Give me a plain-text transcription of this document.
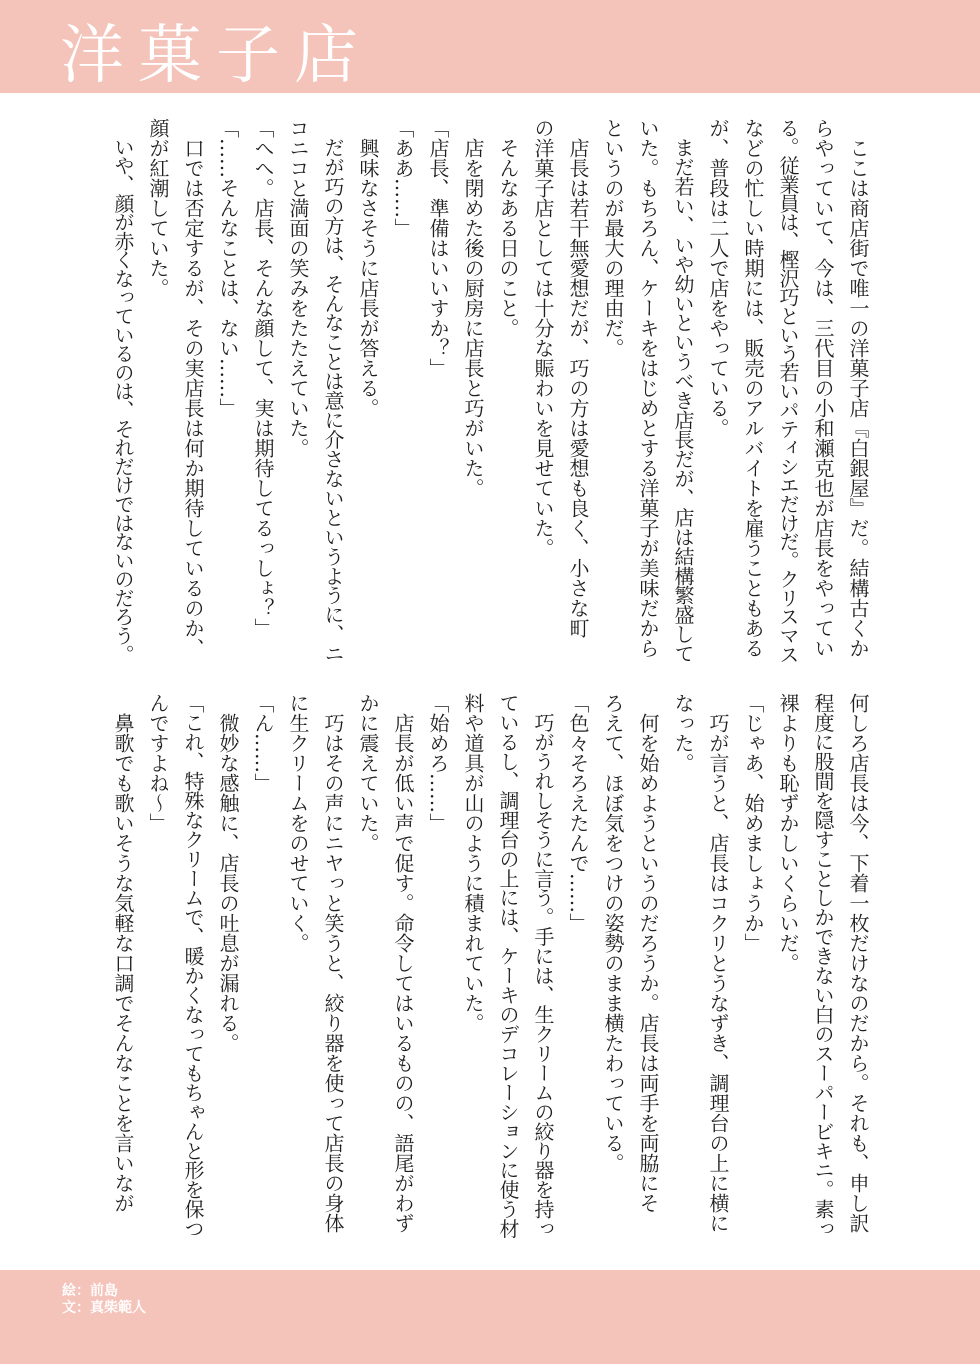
洋菓子店
　ここは商店街で唯一の洋菓子店『白銀屋』だ。結構古くか
らやっていて、今は、三代目の小和瀬克也が店長をやってい
る。従業員は、樫沢巧という若いパティシエだけだ。クリスマス
などの忙しい時期には、販売のアルバイトを雇うこともある
が、普段は二人で店をやっている。
　まだ若い、いや幼いというべき店長だが、店は結構繁盛して
いた。もちろん、ケーキをはじめとする洋菓子が美味だから
というのが最大の理由だ。
　店長は若干無愛想だが、巧の方は愛想も良く、小さな町
の洋菓子店としては十分な賑わいを見せていた。
　そんなある日のこと。
　店を閉めた後の厨房に店長と巧がいた。
「店長、準備はいいすか？」
「ああ……」
　興味なさそうに店長が答える。
　だが巧の方は、そんなことは意に介さないというように、ニ
コニコと満面の笑みをたたえていた。
「へへ。店長、そんな顔して、実は期待してるっしょ？」
「……そんなことは、ない……」
　口では否定するが、その実店長は何か期待しているのか、
顔が紅潮していた。
　いや、顔が赤くなっているのは、それだけではないのだろう。
何しろ店長は今、下着一枚だけなのだから。それも、申し訳
程度に股間を隠すことしかできない白のスーパービキニ。素っ
裸よりも恥ずかしいくらいだ。
「じゃあ、始めましょうか」
　巧が言うと、店長はコクリとうなずき、調理台の上に横に
なった。
　何を始めようというのだろうか。店長は両手を両脇にそ
ろえて、ほぼ気をつけの姿勢のまま横たわっている。
「色々そろえたんで……」
　巧がうれしそうに言う。手には、生クリームの絞り器を持っ
ているし、調理台の上には、ケーキのデコレーションに使う材
料や道具が山のように積まれていた。
「始めろ……」
　店長が低い声で促す。命令してはいるものの、語尾がわず
かに震えていた。
　巧はその声にニヤっと笑うと、絞り器を使って店長の身体
に生クリームをのせていく。
「ん……」
　微妙な感触に、店長の吐息が漏れる。
「これ、特殊なクリームで、暖かくなってもちゃんと形を保つ
んですよね～」
　鼻歌でも歌いそうな気軽な口調でそんなことを言いなが
絵：前島
文：真柴範人
